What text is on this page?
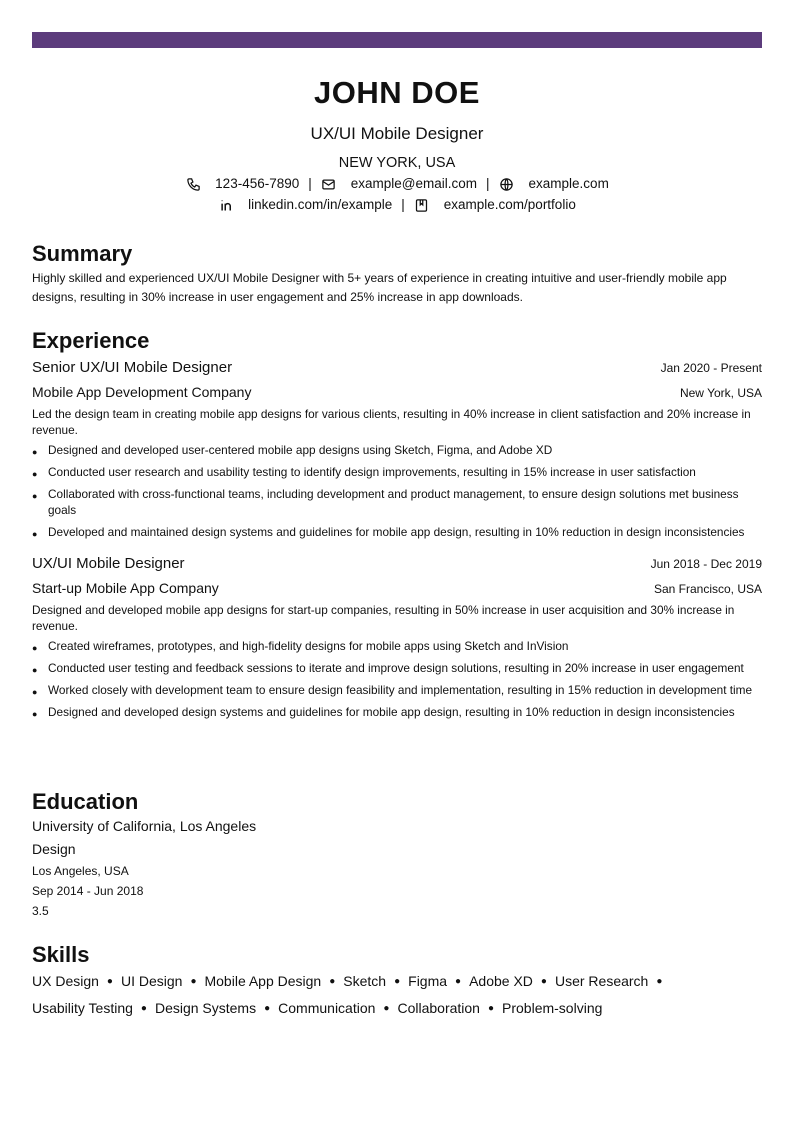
JOHN DOE
UX/UI Mobile Designer
NEW YORK, USA
123-456-7890 |	example@email.com |	example.com
linkedin.com/in/example |	example.com/portfolio
Summary
Highly skilled and experienced UX/UI Mobile Designer with 5+ years of experience in creating intuitive and user-friendly mobile app designs, resulting in 30% increase in user engagement and 25% increase in app downloads.
Experience
Senior UX/UI Mobile Designer	Jan 2020 - Present
Mobile App Development Company	New York, USA
Led the design team in creating mobile app designs for various clients, resulting in 40% increase in client satisfaction and 20% increase in revenue.
● Designed and developed user-centered mobile app designs using Sketch, Figma, and Adobe XD
● Conducted user research and usability testing to identify design improvements, resulting in 15% increase in user satisfaction
● Collaborated with cross-functional teams, including development and product management, to ensure design solutions met business goals
● Developed and maintained design systems and guidelines for mobile app design, resulting in 10% reduction in design inconsistencies
UX/UI Mobile Designer	Jun 2018 - Dec 2019
Start-up Mobile App Company	San Francisco, USA
Designed and developed mobile app designs for start-up companies, resulting in 50% increase in user acquisition and 30% increase in revenue.
● Created wireframes, prototypes, and high-fidelity designs for mobile apps using Sketch and InVision
● Conducted user testing and feedback sessions to iterate and improve design solutions, resulting in 20% increase in user engagement
● Worked closely with development team to ensure design feasibility and implementation, resulting in 15% reduction in development time
● Designed and developed design systems and guidelines for mobile app design, resulting in 10% reduction in design inconsistencies
Education
University of California, Los Angeles
Design
Los Angeles, USA
Sep 2014 - Jun 2018
3.5
Skills
UX Design ● UI Design ● Mobile App Design ● Sketch ● Figma ● Adobe XD ● User Research ●
Usability Testing ● Design Systems ● Communication ● Collaboration ● Problem-solving
